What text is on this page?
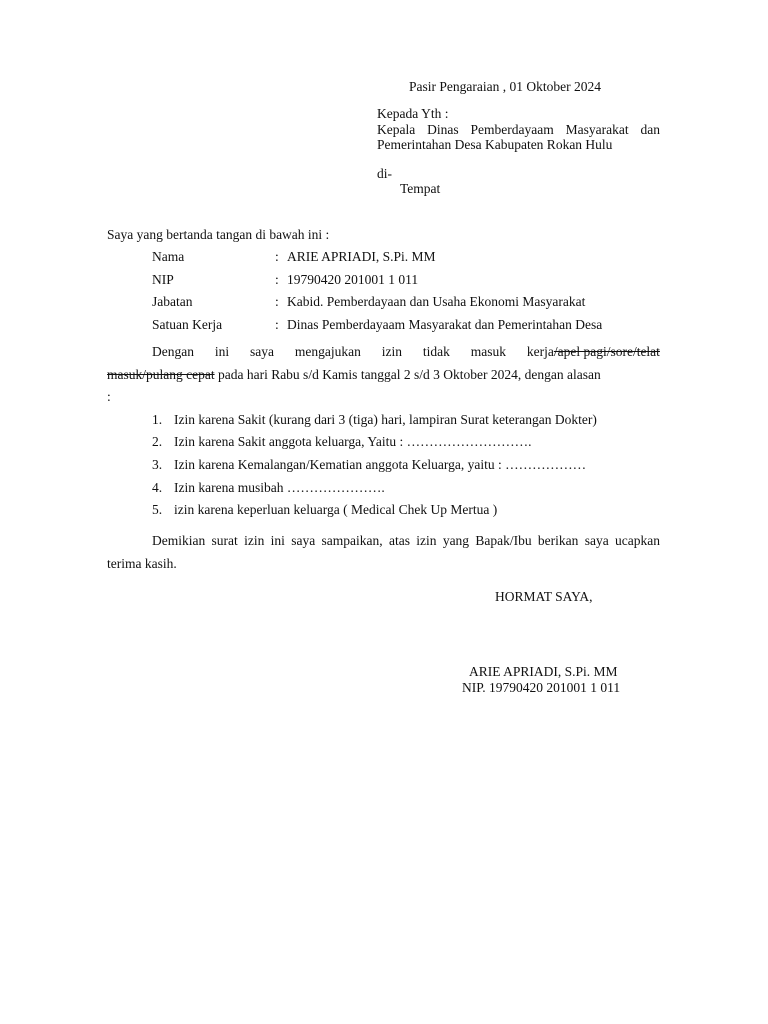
Pasir Pengaraian , 01 Oktober 2024
Kepada Yth :
Kepala Dinas Pemberdayaam Masyarakat dan
Pemerintahan Desa Kabupaten Rokan Hulu
di-
Tempat
Saya yang bertanda tangan di bawah ini :
Nama	: ARIE APRIADI, S.Pi. MM
NIP	: 19790420 201001 1 011
Jabatan	: Kabid. Pemberdayaan dan Usaha Ekonomi Masyarakat
Satuan Kerja	: Dinas Pemberdayaam Masyarakat dan Pemerintahan Desa
Dengan ini saya mengajukan izin tidak masuk kerja/apel pagi/sore/telat
masuk/pulang cepat pada hari Rabu s/d Kamis tanggal 2 s/d 3 Oktober 2024, dengan alasan
:
1. Izin karena Sakit (kurang dari 3 (tiga) hari, lampiran Surat keterangan Dokter)
2. Izin karena Sakit anggota keluarga, Yaitu : ……………………….
3. Izin karena Kemalangan/Kematian anggota Keluarga, yaitu : ………………
4. Izin karena musibah ………………….
5. izin karena keperluan keluarga ( Medical Chek Up Mertua )
Demikian surat izin ini saya sampaikan, atas izin yang Bapak/Ibu berikan saya ucapkan terima kasih.
HORMAT SAYA,
ARIE APRIADI, S.Pi. MM
NIP. 19790420 201001 1 011
